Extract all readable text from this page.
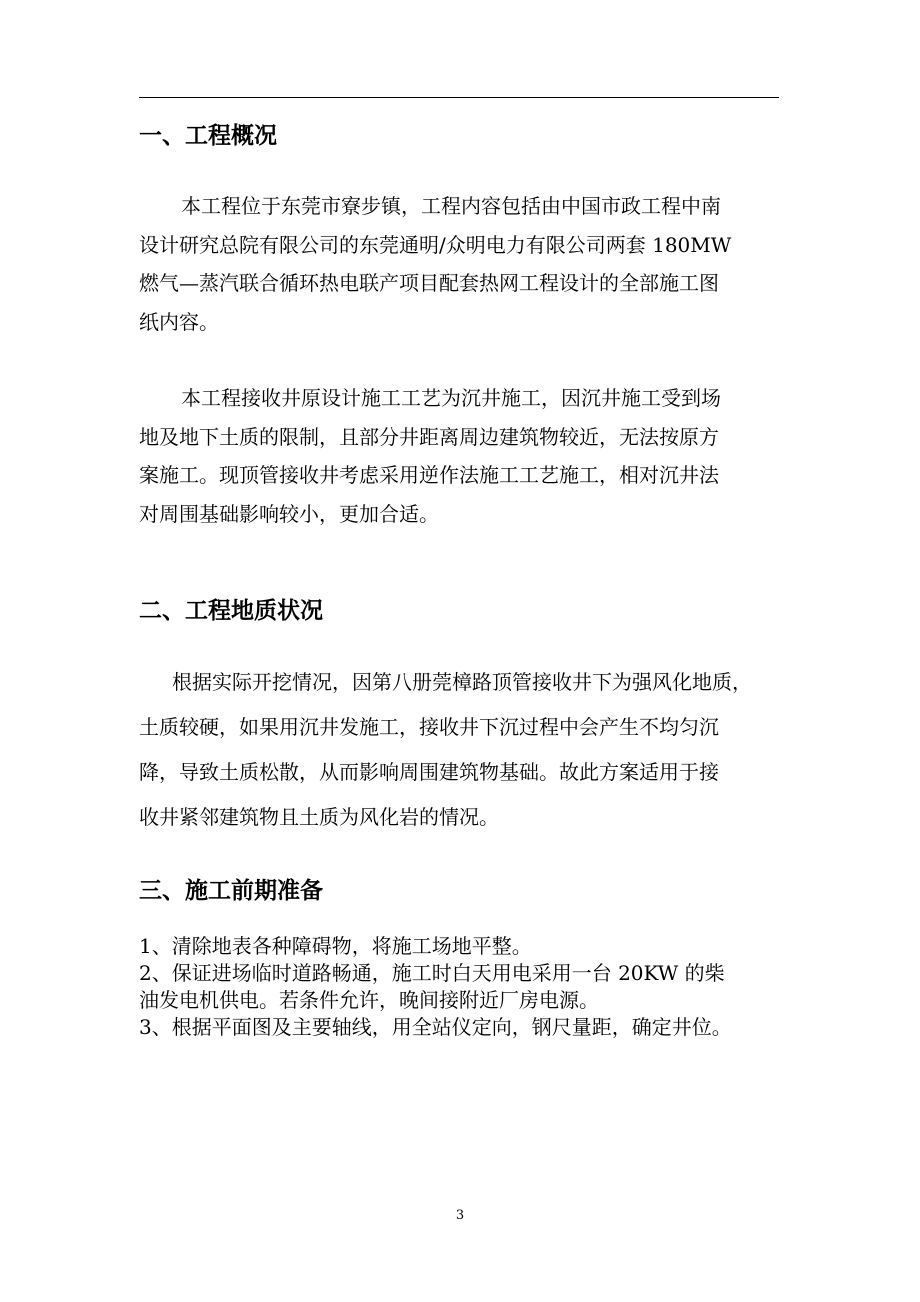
一、工程概况
本工程位于东莞市寮步镇，工程内容包括由中国市政工程中南
设计研究总院有限公司的东莞通明/众明电力有限公司两套 180MW
燃气—蒸汽联合循环热电联产项目配套热网工程设计的全部施工图
纸内容。
本工程接收井原设计施工工艺为沉井施工，因沉井施工受到场
地及地下土质的限制，且部分井距离周边建筑物较近，无法按原方
案施工。现顶管接收井考虑采用逆作法施工工艺施工，相对沉井法
对周围基础影响较小，更加合适。
二、工程地质状况
根据实际开挖情况，因第八册莞樟路顶管接收井下为强风化地质，
土质较硬，如果用沉井发施工，接收井下沉过程中会产生不均匀沉
降，导致土质松散，从而影响周围建筑物基础。故此方案适用于接
收井紧邻建筑物且土质为风化岩的情况。
三、施工前期准备
1、清除地表各种障碍物，将施工场地平整。
2、保证进场临时道路畅通，施工时白天用电采用一台 20KW 的柴
油发电机供电。若条件允许，晚间接附近厂房电源。
3、根据平面图及主要轴线，用全站仪定向，钢尺量距，确定井位。
3
